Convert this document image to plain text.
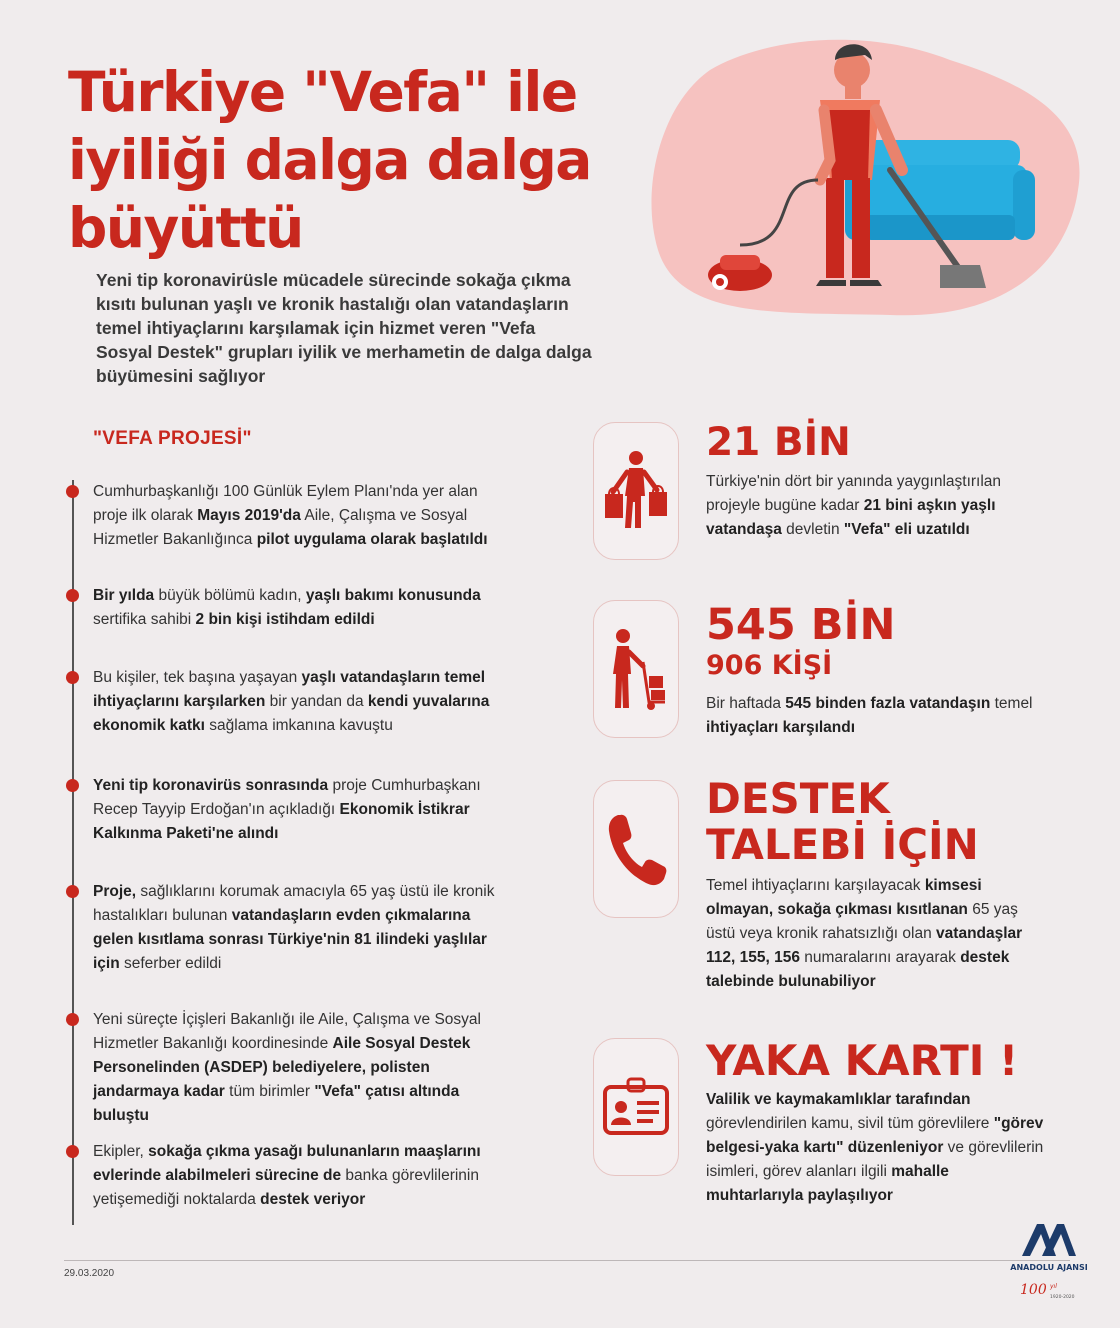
Türkiye "Vefa" ile
iyiliği dalga dalga
büyüttü
Yeni tip koronavirüsle mücadele sürecinde sokağa çıkma kısıtı bulunan yaşlı ve kronik hastalığı olan vatandaşların temel ihtiyaçlarını karşılamak için hizmet veren "Vefa Sosyal Destek" grupları iyilik ve merhametin de dalga dalga büyümesini sağlıyor
"VEFA PROJESİ"
Cumhurbaşkanlığı 100 Günlük Eylem Planı'nda yer alan proje ilk olarak Mayıs 2019'da Aile, Çalışma ve Sosyal Hizmetler Bakanlığınca pilot uygulama olarak başlatıldı
Bir yılda büyük bölümü kadın, yaşlı bakımı konusunda sertifika sahibi 2 bin kişi istihdam edildi
Bu kişiler, tek başına yaşayan yaşlı vatandaşların temel ihtiyaçlarını karşılarken bir yandan da kendi yuvalarına ekonomik katkı sağlama imkanına kavuştu
Yeni tip koronavirüs sonrasında proje Cumhurbaşkanı Recep Tayyip Erdoğan'ın açıkladığı Ekonomik İstikrar Kalkınma Paketi'ne alındı
Proje, sağlıklarını korumak amacıyla 65 yaş üstü ile kronik hastalıkları bulunan vatandaşların evden çıkmalarına gelen kısıtlama sonrası Türkiye'nin 81 ilindeki yaşlılar için seferber edildi
Yeni süreçte İçişleri Bakanlığı ile Aile, Çalışma ve Sosyal Hizmetler Bakanlığı koordinesinde Aile Sosyal Destek Personelinden (ASDEP) belediyelere, polisten jandarmaya kadar tüm birimler "Vefa" çatısı altında buluştu
Ekipler, sokağa çıkma yasağı bulunanların maaşlarını evlerinde alabilmeleri sürecine de banka görevlilerinin yetişemediği noktalarda destek veriyor
21 BİN
Türkiye'nin dört bir yanında yaygınlaştırılan projeyle bugüne kadar 21 bini aşkın yaşlı vatandaşa devletin "Vefa" eli uzatıldı
545 BİN
906 KİŞİ
Bir haftada 545 binden fazla vatandaşın temel ihtiyaçları karşılandı
DESTEK
TALEBİ İÇİN
Temel ihtiyaçlarını karşılayacak kimsesi olmayan, sokağa çıkması kısıtlanan 65 yaş üstü veya kronik rahatsızlığı olan vatandaşlar 112, 155, 156 numaralarını arayarak destek talebinde bulunabiliyor
YAKA KARTI !
Valilik ve kaymakamlıklar tarafından görevlendirilen kamu, sivil tüm görevlilere "görev belgesi-yaka kartı" düzenleniyor ve görevlilerin isimleri, görev alanları ilgili mahalle muhtarlarıyla paylaşılıyor
29.03.2020
ANADOLU AJANSI
100 yıl
1920-2020
